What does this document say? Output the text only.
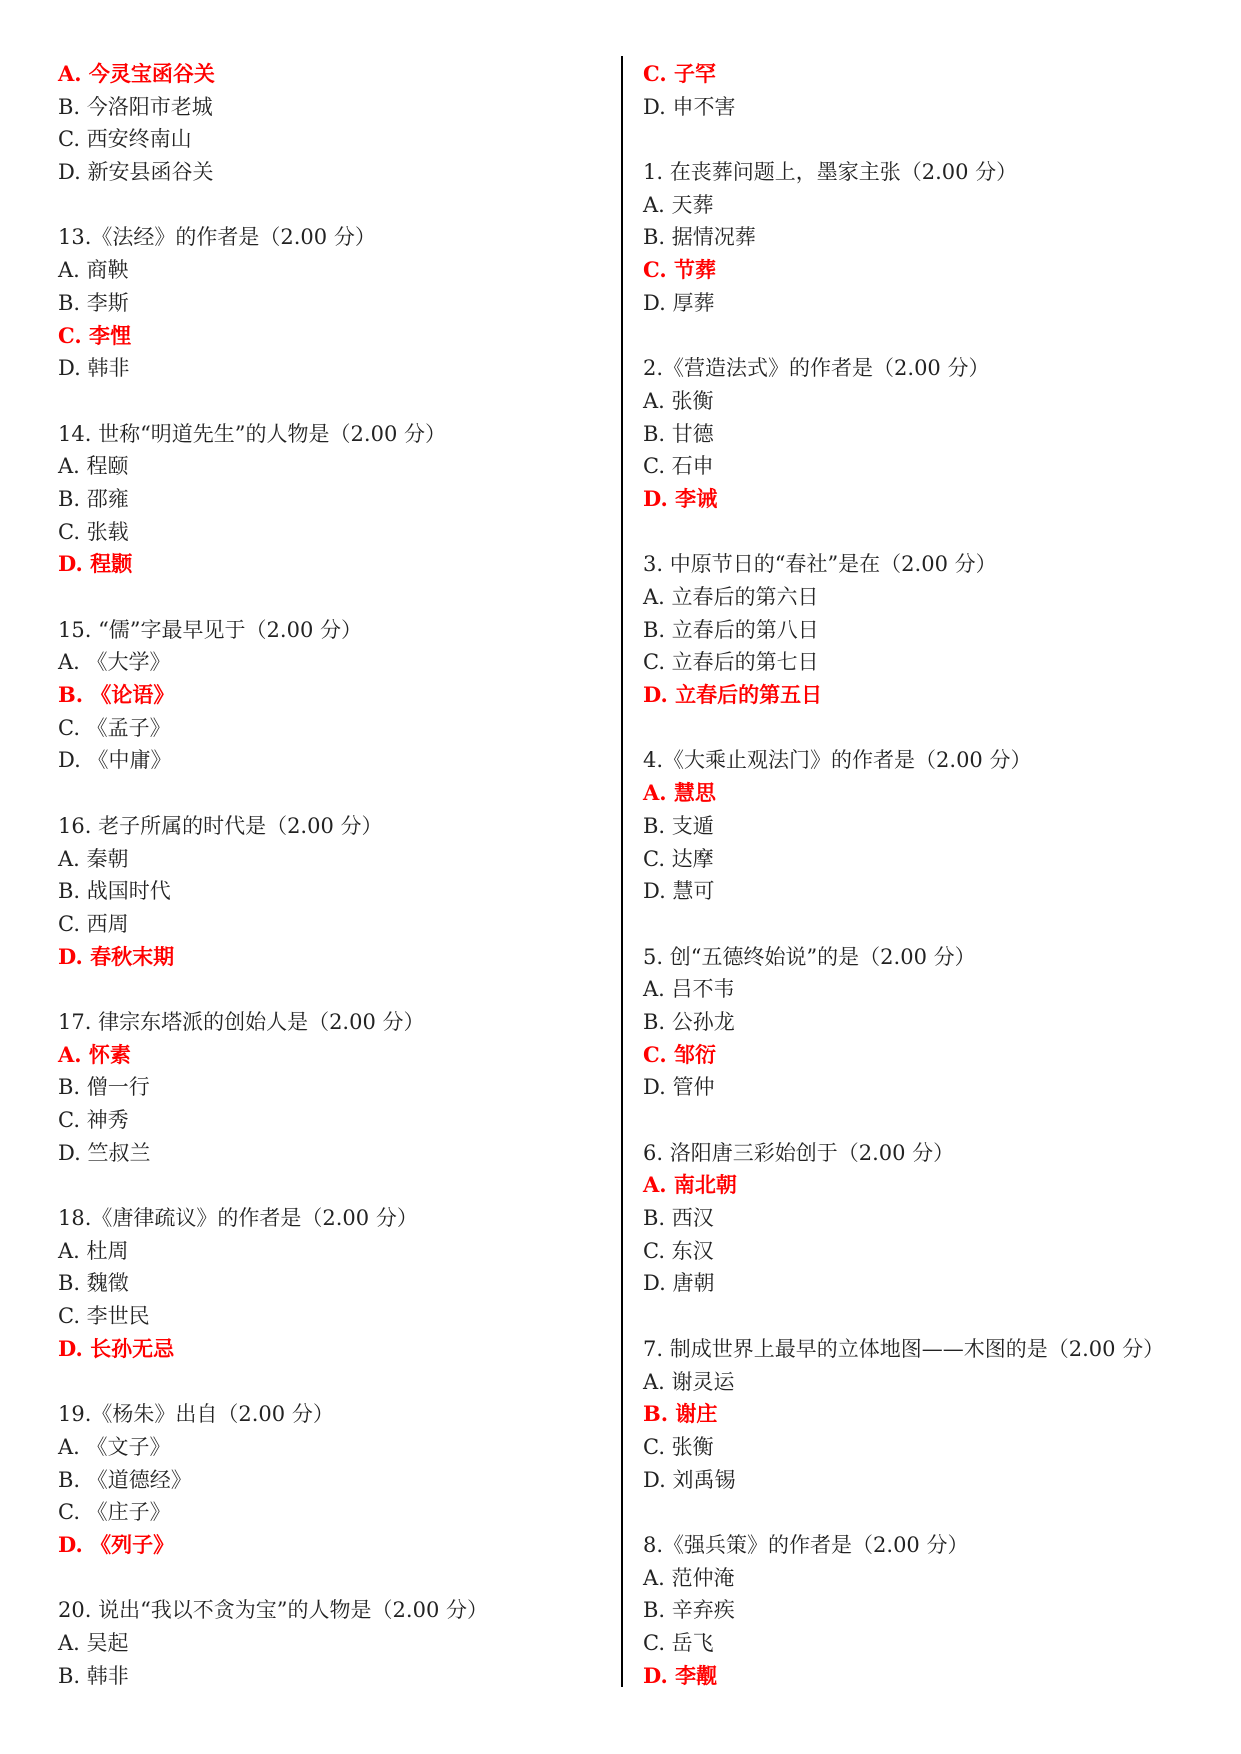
A. 今灵宝函谷关
B. 今洛阳市老城
C. 西安终南山
D. 新安县函谷关
13.《法经》的作者是（2.00 分）
A. 商鞅
B. 李斯
C. 李悝
D. 韩非
14. 世称“明道先生”的人物是（2.00 分）
A. 程颐
B. 邵雍
C. 张载
D. 程颢
15. “儒”字最早见于（2.00 分）
A. 《大学》
B. 《论语》
C. 《孟子》
D. 《中庸》
16. 老子所属的时代是（2.00 分）
A. 秦朝
B. 战国时代
C. 西周
D. 春秋末期
17. 律宗东塔派的创始人是（2.00 分）
A. 怀素
B. 僧一行
C. 神秀
D. 竺叔兰
18.《唐律疏议》的作者是（2.00 分）
A. 杜周
B. 魏徵
C. 李世民
D. 长孙无忌
19.《杨朱》出自（2.00 分）
A. 《文子》
B. 《道德经》
C. 《庄子》
D. 《列子》
20. 说出“我以不贪为宝”的人物是（2.00 分）
A. 吴起
B. 韩非
C. 子罕
D. 申不害
1. 在丧葬问题上，墨家主张（2.00 分）
A. 天葬
B. 据情况葬
C. 节葬
D. 厚葬
2.《营造法式》的作者是（2.00 分）
A. 张衡
B. 甘德
C. 石申
D. 李诫
3. 中原节日的“春社”是在（2.00 分）
A. 立春后的第六日
B. 立春后的第八日
C. 立春后的第七日
D. 立春后的第五日
4.《大乘止观法门》的作者是（2.00 分）
A. 慧思
B. 支遁
C. 达摩
D. 慧可
5. 创“五德终始说”的是（2.00 分）
A. 吕不韦
B. 公孙龙
C. 邹衍
D. 管仲
6. 洛阳唐三彩始创于（2.00 分）
A. 南北朝
B. 西汉
C. 东汉
D. 唐朝
7. 制成世界上最早的立体地图——木图的是（2.00 分）
A. 谢灵运
B. 谢庄
C. 张衡
D. 刘禹锡
8.《强兵策》的作者是（2.00 分）
A. 范仲淹
B. 辛弃疾
C. 岳飞
D. 李觏
